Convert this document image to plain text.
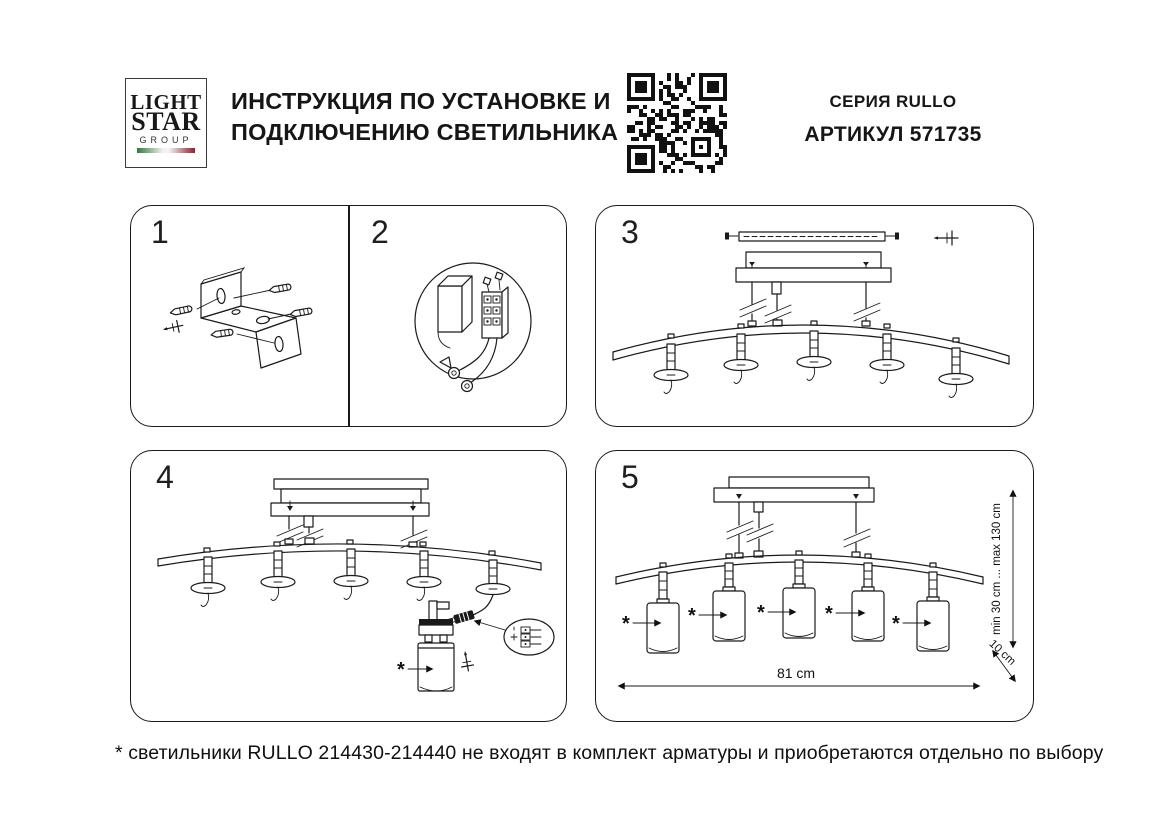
LIGHT
STAR
GROUP
ИНСТРУКЦИЯ ПО УСТАНОВКЕ И
ПОДКЛЮЧЕНИЮ СВЕТИЛЬНИКА
СЕРИЯ RULLO
АРТИКУЛ 571735
1	2	3
4
*
5
*	*	*	*	*
81 cm
min 30 cm ... max 130 cm
10 cm
* светильники RULLO 214430-214440 не входят в комплект арматуры и приобретаются отдельно по выбору
